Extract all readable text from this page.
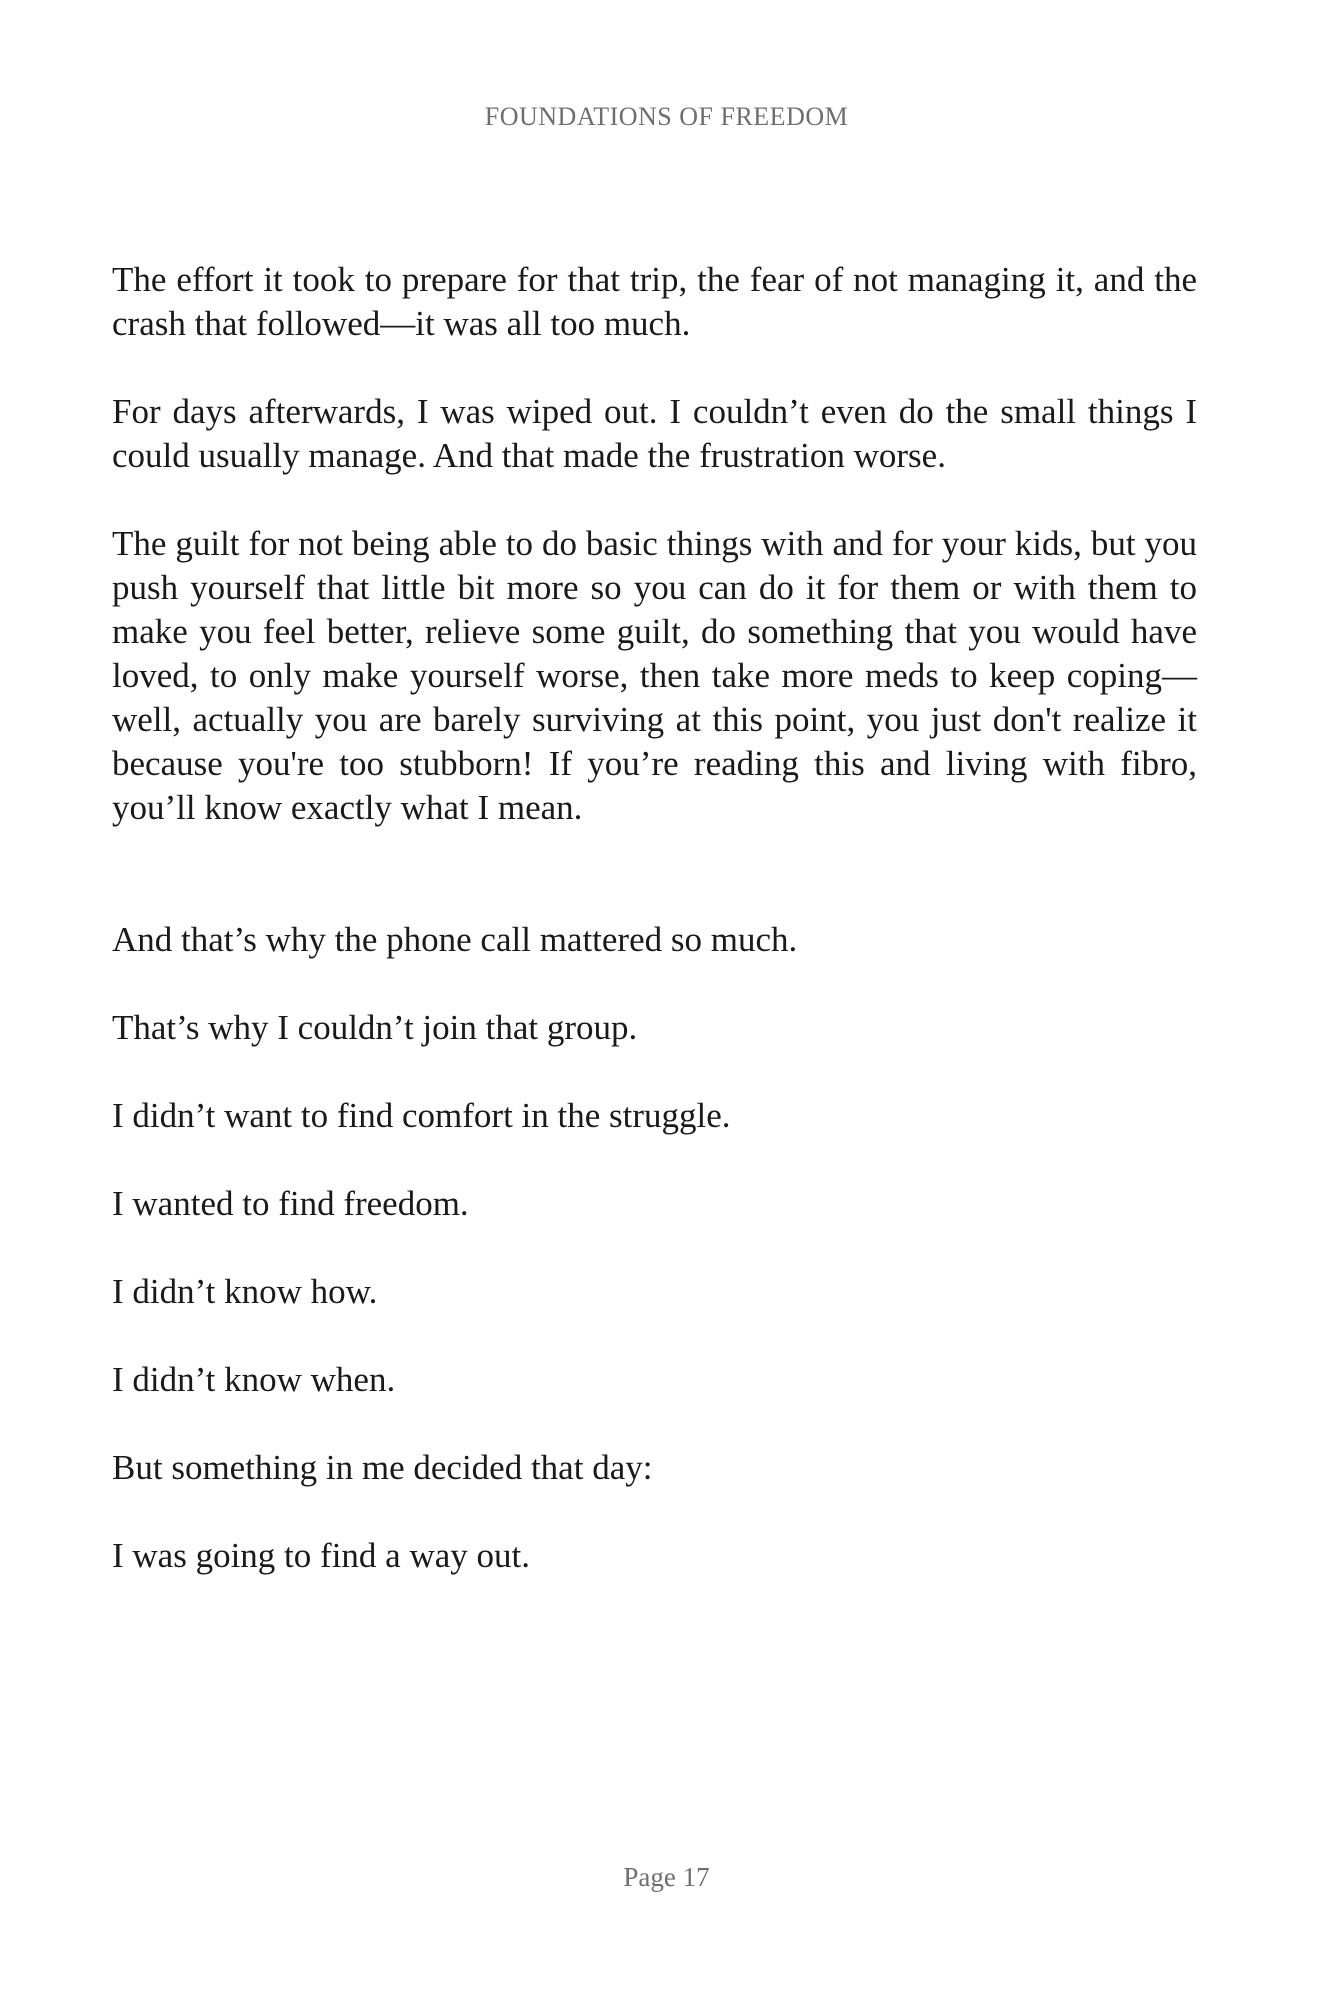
FOUNDATIONS OF FREEDOM

The effort it took to prepare for that trip, the fear of not managing it, and the crash that followed—it was all too much.

For days afterwards, I was wiped out. I couldn’t even do the small things I could usually manage. And that made the frustration worse.

The guilt for not being able to do basic things with and for your kids, but you push yourself that little bit more so you can do it for them or with them to make you feel better, relieve some guilt, do something that you would have loved, to only make yourself worse, then take more meds to keep coping— well, actually you are barely surviving at this point, you just don't realize it because you're too stubborn! If you’re reading this and living with fibro, you’ll know exactly what I mean.

And that’s why the phone call mattered so much.

That’s why I couldn’t join that group.

I didn’t want to find comfort in the struggle.

I wanted to find freedom.

I didn’t know how.

I didn’t know when.

But something in me decided that day:

I was going to find a way out.

Page 17
